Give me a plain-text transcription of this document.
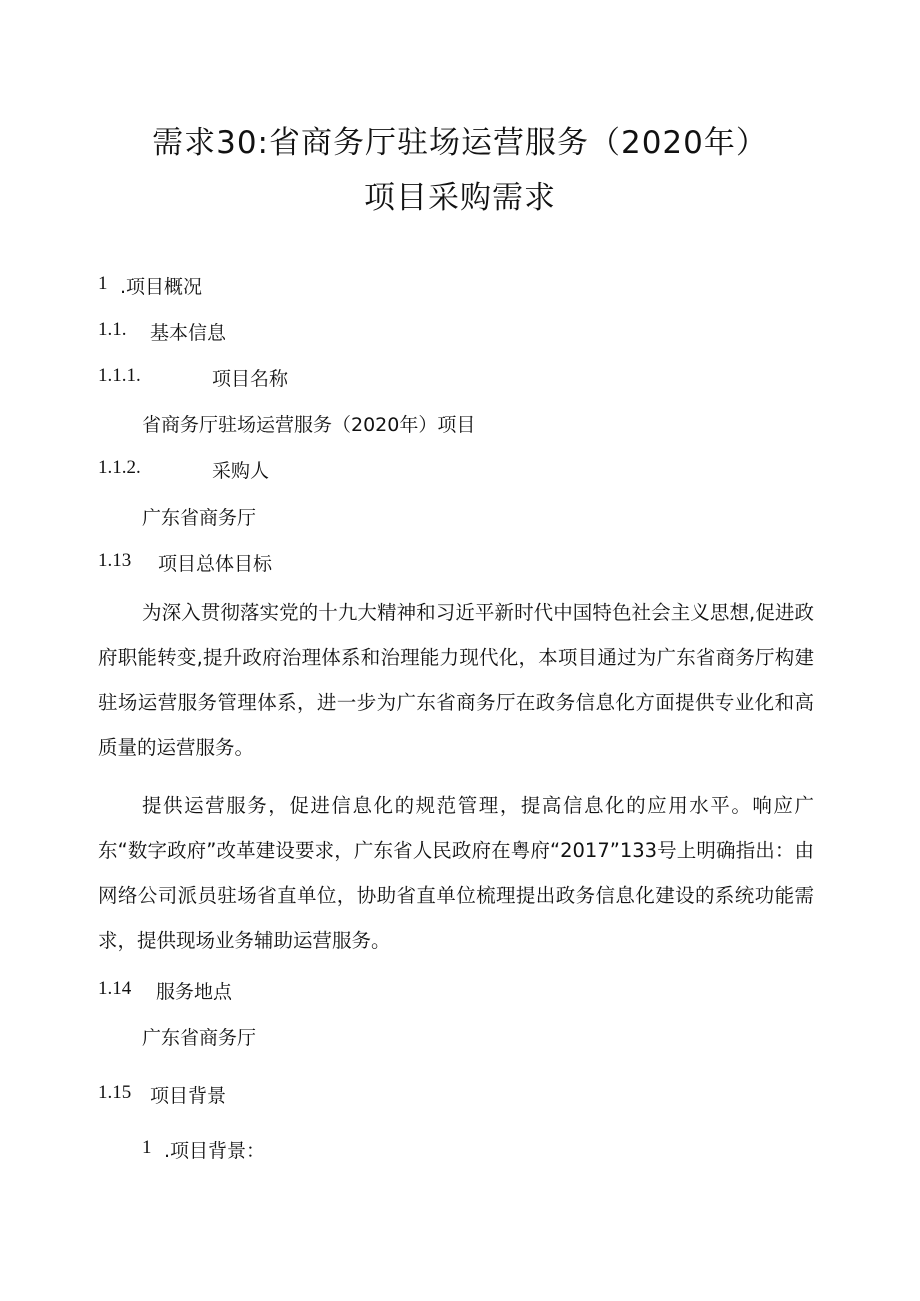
需求30:省商务厅驻场运营服务（2020年）
项目采购需求
1 .项目概况
1.1. 基本信息
1.1.1.	项目名称
省商务厅驻场运营服务（2020年）项目
1.1.2.	采购人
广东省商务厅
1.13 项目总体目标
为深入贯彻落实党的十九大精神和习近平新时代中国特色社会主义思想,促进政府职能转变,提升政府治理体系和治理能力现代化，本项目通过为广东省商务厅构建驻场运营服务管理体系，进一步为广东省商务厅在政务信息化方面提供专业化和高质量的运营服务。
提供运营服务，促进信息化的规范管理，提高信息化的应用水平。响应广东“数字政府”改革建设要求，广东省人民政府在粤府“2017”133号上明确指出：由网络公司派员驻场省直单位，协助省直单位梳理提出政务信息化建设的系统功能需求，提供现场业务辅助运营服务。
1.14 服务地点
广东省商务厅
1.15 项目背景
1 .项目背景：
